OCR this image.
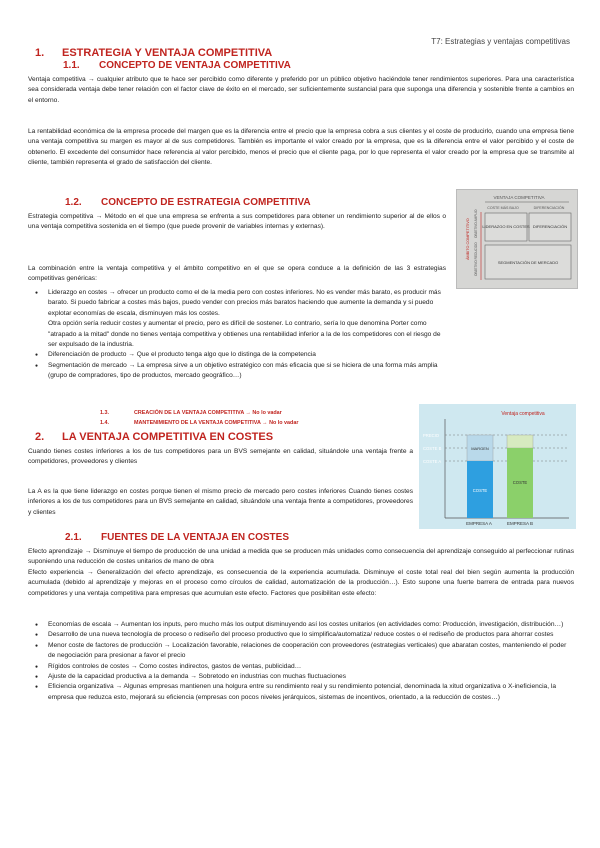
T7: Estrategias y ventajas competitivas
1. ESTRATEGIA Y VENTAJA COMPETITIVA
1.1. CONCEPTO DE VENTAJA COMPETITIVA

Ventaja competitiva → cualquier atributo que te hace ser percibido como diferente y preferido por un público objetivo haciéndole tener rendimientos superiores. Para una característica sea considerada ventaja debe tener relación con el factor clave de éxito en el mercado, ser suficientemente sustancial para que suponga una diferencia y sostenible frente a cambios en el entorno.

La rentabilidad económica de la empresa procede del margen que es la diferencia entre el precio que la empresa cobra a sus clientes y el coste de producirlo, cuando una empresa tiene una ventaja competitiva su margen es mayor al de sus competidores. También es importante el valor creado por la empresa, que es la diferencia entre el valor percibido y el coste de obtenerlo. El excedente del consumidor hace referencia al valor percibido, menos el precio que el cliente paga, por lo que representa el valor creado por la empresa que se transmite al cliente, también representa el grado de satisfacción del cliente.

1.2. CONCEPTO DE ESTRATEGIA COMPETITIVA

Estrategia competitiva → Método en el que una empresa se enfrenta a sus competidores para obtener un rendimiento superior al de ellos o una ventaja competitiva sostenida en el tiempo (que puede provenir de variables internas y externas).

La combinación entre la ventaja competitiva y el ámbito competitivo en el que se opera conduce a la definición de las 3 estrategias competitivas genéricas:

● Liderazgo en costes → ofrecer un producto como el de la media pero con costes inferiores. No es vender más barato, es producir más barato. Si puedo fabricar a costes más bajos, puedo vender con precios más baratos haciendo que aumente la demanda y si puedo explotar economías de escala, disminuyen más los costes.
Otra opción sería reducir costes y aumentar el precio, pero es difícil de sostener. Lo contrario, sería lo que denomina Porter como "atrapado a la mitad" donde no tienes ventaja competitiva y obtienes una rentabilidad inferior a la de los competidores con el riesgo de ser expulsado de la industria.
● Diferenciación de producto → Que el producto tenga algo que lo distinga de la competencia
● Segmentación de mercado → La empresa sirve a un objetivo estratégico con más eficacia que si se hiciera de una forma más amplia (grupo de compradores, tipo de productos, mercado geográfico…)
1.3.	CREACIÓN DE LA VENTAJA COMPETITIVA → No lo vadar
1.4.	MANTENIMIENTO DE LA VENTAJA COMPETITIVA → No lo vadar
VENTAJA COMPETITIVA
COSTE MÁS BAJO	DIFERENCIACIÓN
LIDERAZGO EN COSTES DIFERENCIACIÓN
SEGMENTACIÓN DE MERCADO
ÁMBITO COMPETITIVO OBJETIVO AMPLIO
OBJETIVO REDUCIDO
2. LA VENTAJA COMPETITIVA EN COSTES

Cuando tienes costes inferiores a los de tus competidores para un BVS semejante en calidad, situándole una ventaja frente a competidores, proveedores y clientes

La A es la que tiene liderazgo en costes porque tienen el mismo precio de mercado pero costes inferiores Cuando tienes costes inferiores a los de tus competidores para un BVS semejante en calidad, situándole una ventaja frente a competidores, proveedores y clientes

Ventaja competitiva
PRECIO
COSTE B
COSTE A
MARGEN
COSTE
COSTE
EMPRESA A	EMPRESA B
2.1. FUENTES DE LA VENTAJA EN COSTES

Efecto aprendizaje → Disminuye el tiempo de producción de una unidad a medida que se producen más unidades como consecuencia del aprendizaje conseguido al perfeccionar rutinas suponiendo una reducción de costes unitarios de mano de obra

Efecto experiencia → Generalización del efecto aprendizaje, es consecuencia de la experiencia acumulada. Disminuye el coste total real del bien según aumenta la producción acumulada (debido al aprendizaje y mejoras en el proceso como círculos de calidad, automatización de la producción…). Esto supone una fuerte barrera de entrada para nuevos competidores y una ventaja competitiva para empresas que acumulan este efecto. Factores que posibilitan este efecto:

● Economías de escala → Aumentan los inputs, pero mucho más los output disminuyendo así los costes unitarios (en actividades como: Producción, investigación, distribución…)
● Desarrollo de una nueva tecnología de proceso o rediseño del proceso productivo que lo simplifica/automatiza/ reduce costes o el rediseño de productos para ahorrar costes
● Menor coste de factores de producción → Localización favorable, relaciones de cooperación con proveedores (estrategias verticales) que abaratan costes, manteniendo el poder de negociación para presionar a favor el precio
● Rígidos controles de costes → Como costes indirectos, gastos de ventas, publicidad…
● Ajuste de la capacidad productiva a la demanda → Sobretodo en industrias con muchas fluctuaciones
● Eficiencia organizativa → Algunas empresas mantienen una holgura entre su rendimiento real y su rendimiento potencial, denominada la xitud organizativa o X-ineficiencia, la empresa que reduzca esto, mejorará su eficiencia (empresas con pocos niveles jerárquicos, sistemas de incentivos, orientado, a la reducción de costes…)
